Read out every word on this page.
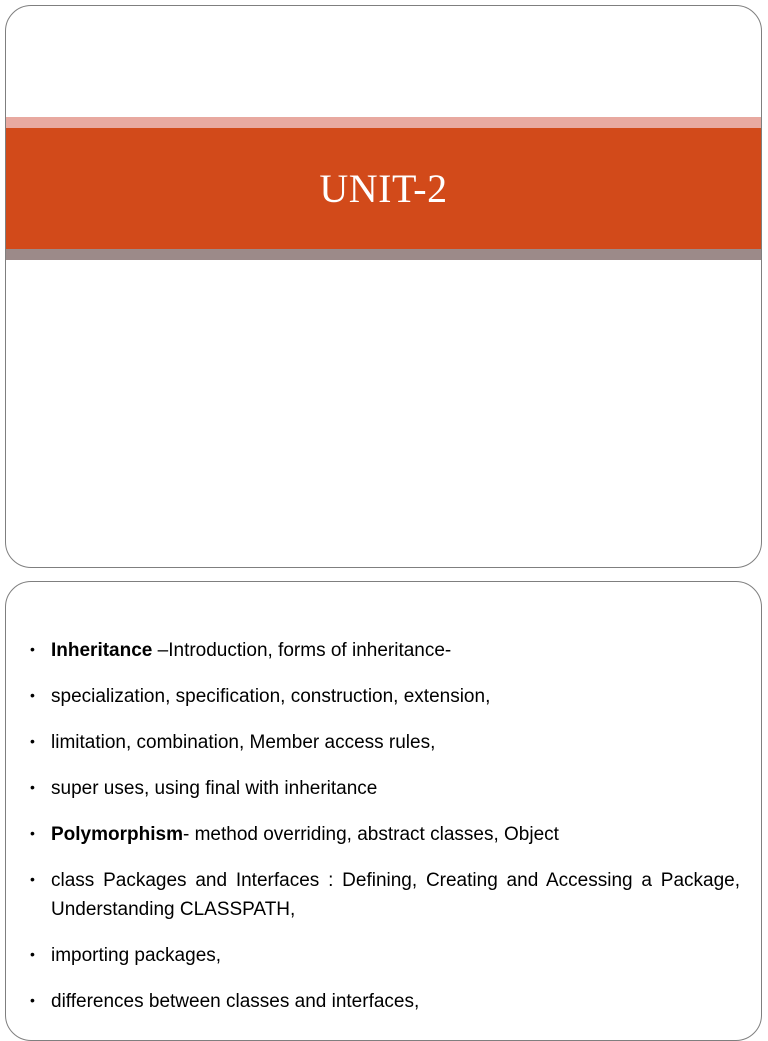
UNIT-2
• Inheritance –Introduction, forms of inheritance-
• specialization, specification, construction, extension,
• limitation, combination, Member access rules,
• super uses, using final with inheritance
• Polymorphism- method overriding, abstract classes, Object
• class Packages and Interfaces : Defining, Creating and Accessing a Package, Understanding CLASSPATH,
• importing packages,
• differences between classes and interfaces,
